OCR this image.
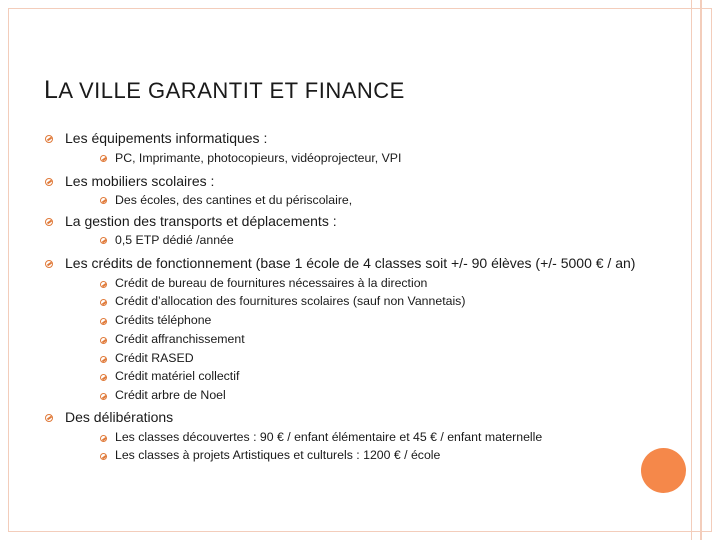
LA VILLE GARANTIT ET FINANCE
Les équipements informatiques :
PC, Imprimante, photocopieurs, vidéoprojecteur, VPI
Les mobiliers scolaires :
Des écoles, des cantines et du périscolaire,
La gestion des transports et déplacements :
0,5 ETP dédié /année
Les crédits de fonctionnement (base 1 école de 4 classes soit +/- 90 élèves (+/- 5000 € / an)
Crédit de bureau de fournitures nécessaires à la direction
Crédit d’allocation des fournitures scolaires (sauf non Vannetais)
Crédits téléphone
Crédit affranchissement
Crédit RASED
Crédit matériel collectif
Crédit arbre de Noel
Des délibérations
Les classes découvertes : 90 € / enfant élémentaire et 45 € / enfant maternelle
Les classes à projets Artistiques et culturels : 1200 € / école
